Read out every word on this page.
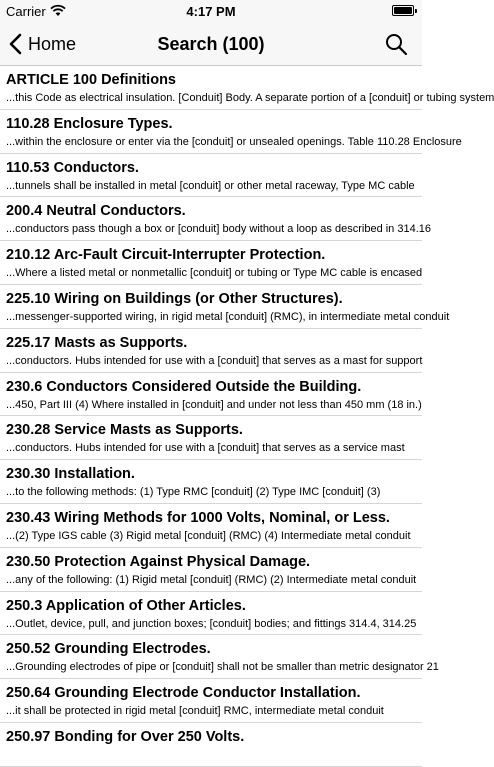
Carrier	4:17 PM
Home	Search (100)
ARTICLE 100 Definitions
...this Code as electrical insulation. [Conduit] Body. A separate portion of a [conduit] or tubing system
110.28 Enclosure Types.
...within the enclosure or enter via the [conduit] or unsealed openings. Table 110.28 Enclosure
110.53 Conductors.
...tunnels shall be installed in metal [conduit] or other metal raceway, Type MC cable
200.4 Neutral Conductors.
...conductors pass though a box or [conduit] body without a loop as described in 314.16
210.12 Arc-Fault Circuit-Interrupter Protection.
...Where a listed metal or nonmetallic [conduit] or tubing or Type MC cable is encased
225.10 Wiring on Buildings (or Other Structures).
...messenger-supported wiring, in rigid metal [conduit] (RMC), in intermediate metal conduit
225.17 Masts as Supports.
...conductors. Hubs intended for use with a [conduit] that serves as a mast for support
230.6 Conductors Considered Outside the Building.
...450, Part III (4) Where installed in [conduit] and under not less than 450 mm (18 in.)
230.28 Service Masts as Supports.
...conductors. Hubs intended for use with a [conduit] that serves as a service mast
230.30 Installation.
...to the following methods: (1) Type RMC [conduit] (2) Type IMC [conduit] (3)
230.43 Wiring Methods for 1000 Volts, Nominal, or Less.
...(2) Type IGS cable (3) Rigid metal [conduit] (RMC) (4) Intermediate metal conduit
230.50 Protection Against Physical Damage.
...any of the following: (1) Rigid metal [conduit] (RMC) (2) Intermediate metal conduit
250.3 Application of Other Articles.
...Outlet, device, pull, and junction boxes; [conduit] bodies; and fittings 314.4, 314.25
250.52 Grounding Electrodes.
...Grounding electrodes of pipe or [conduit] shall not be smaller than metric designator 21
250.64 Grounding Electrode Conductor Installation.
...it shall be protected in rigid metal [conduit] RMC, intermediate metal conduit
250.97 Bonding for Over 250 Volts.
